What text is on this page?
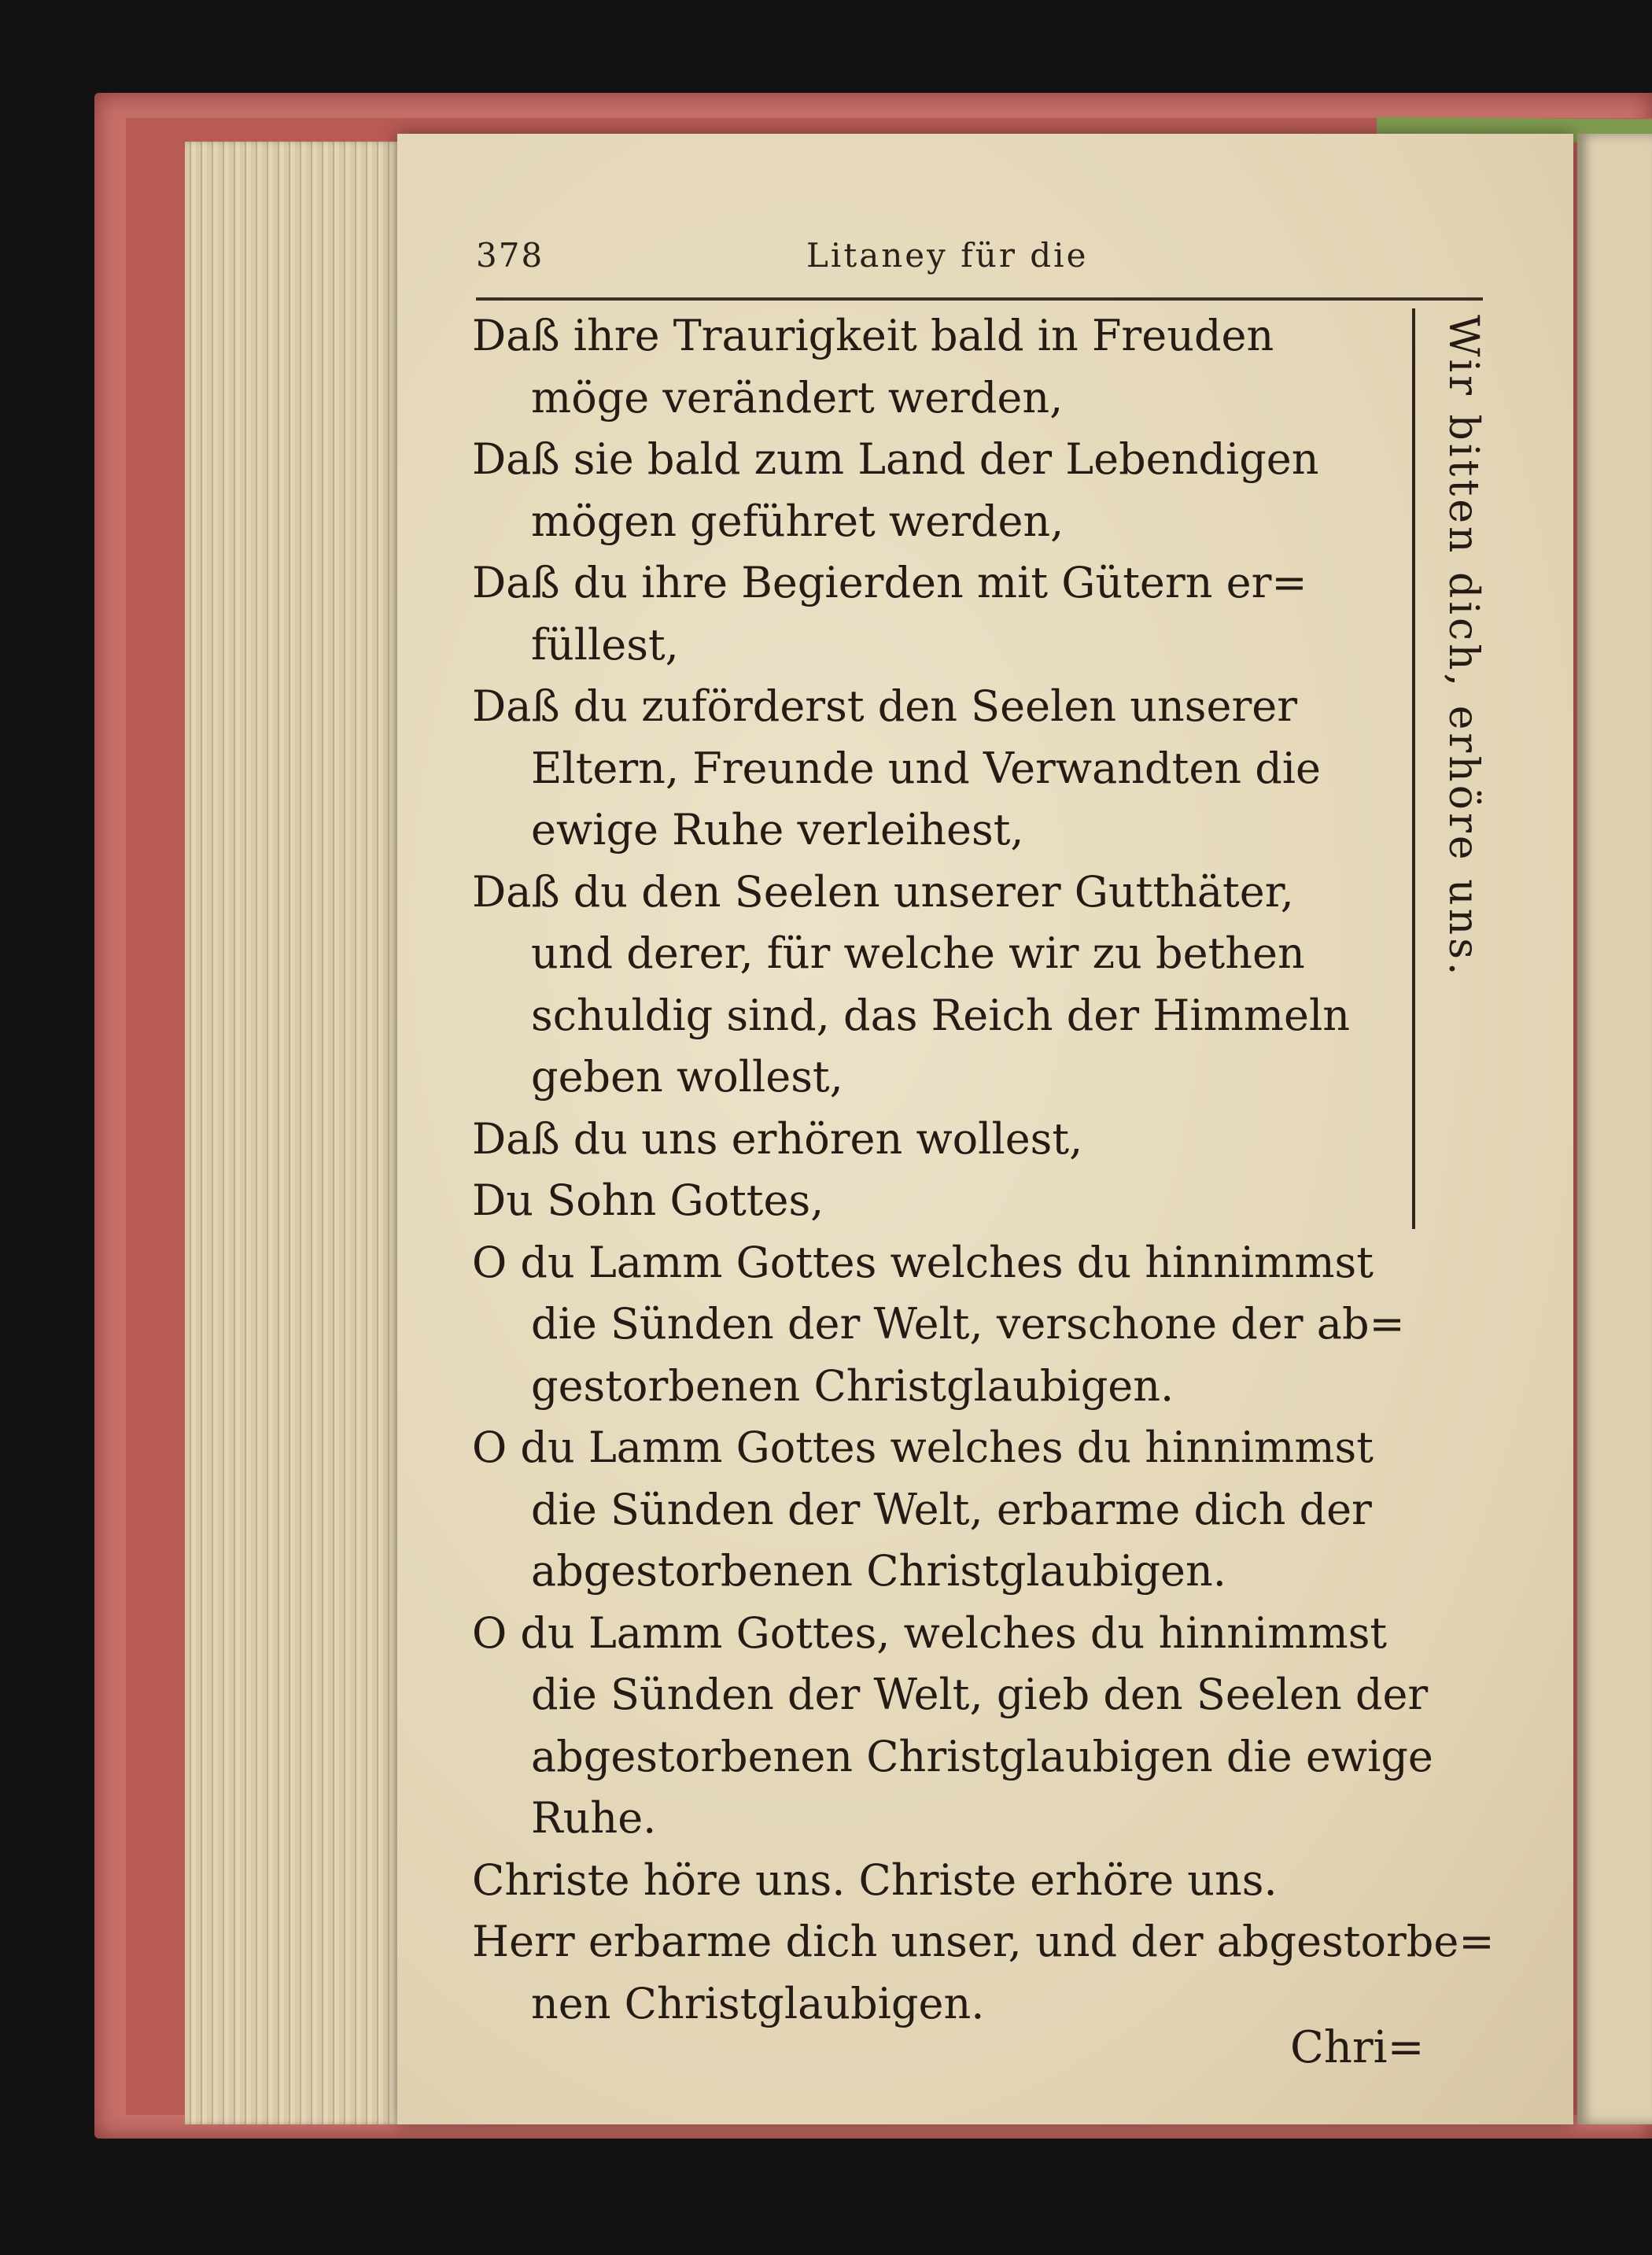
378	Litaney für die
Daß ihre Traurigkeit bald in Freuden
möge verändert werden,
Daß sie bald zum Land der Lebendigen
mögen geführet werden,
Daß du ihre Begierden mit Gütern er=
füllest,
Daß du zuförderst den Seelen unserer
Eltern, Freunde und Verwandten die
ewige Ruhe verleihest,
Daß du den Seelen unserer Gutthäter,
und derer, für welche wir zu bethen
schuldig sind, das Reich der Himmeln
geben wollest,
Daß du uns erhören wollest,
Du Sohn Gottes,
O du Lamm Gottes welches du hinnimmst
die Sünden der Welt, verschone der ab=
gestorbenen Christglaubigen.
O du Lamm Gottes welches du hinnimmst
die Sünden der Welt, erbarme dich der
abgestorbenen Christglaubigen.
O du Lamm Gottes, welches du hinnimmst
die Sünden der Welt, gieb den Seelen der
abgestorbenen Christglaubigen die ewige
Ruhe.
Christe höre uns. Christe erhöre uns.
Herr erbarme dich unser, und der abgestorbe=
nen Christglaubigen.
Wir bitten dich, erhöre uns.
Chri=
